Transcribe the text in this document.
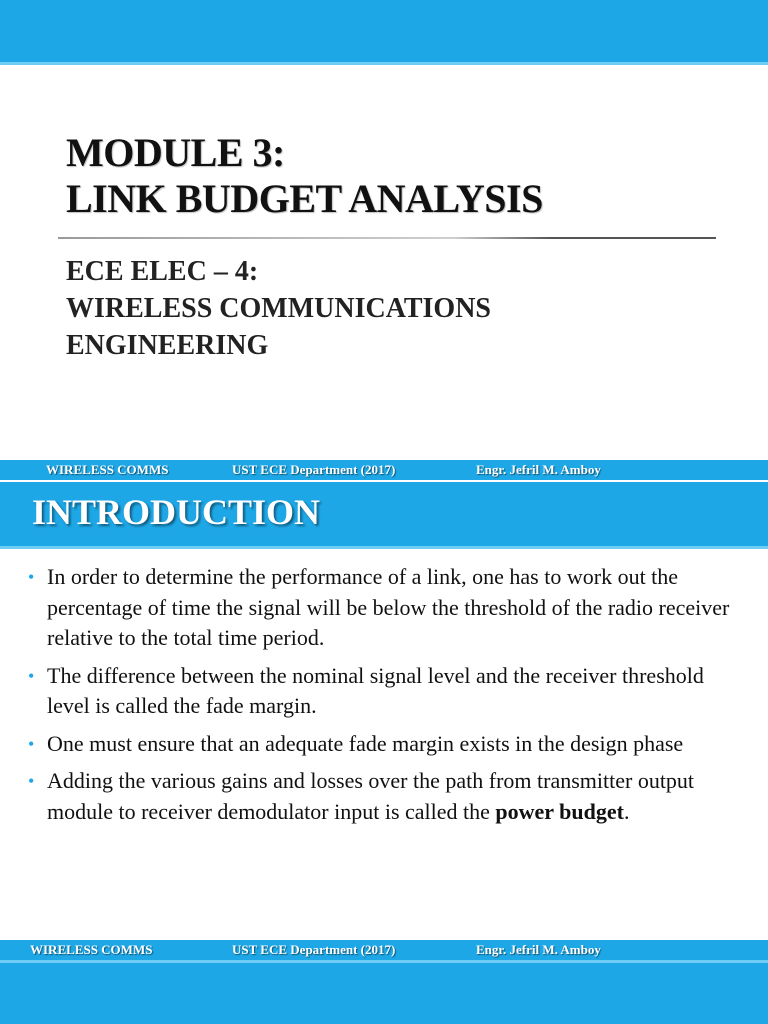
MODULE 3:
LINK BUDGET ANALYSIS
ECE ELEC – 4:
WIRELESS COMMUNICATIONS
ENGINEERING
WIRELESS COMMS	UST ECE Department (2017)	Engr. Jefril M. Amboy
INTRODUCTION
• In order to determine the performance of a link, one has to work out the percentage of time the signal will be below the threshold of the radio receiver relative to the total time period.
• The difference between the nominal signal level and the receiver threshold level is called the fade margin.
• One must ensure that an adequate fade margin exists in the design phase
• Adding the various gains and losses over the path from transmitter output module to receiver demodulator input is called the power budget.
WIRELESS COMMS	UST ECE Department (2017)	Engr. Jefril M. Amboy
